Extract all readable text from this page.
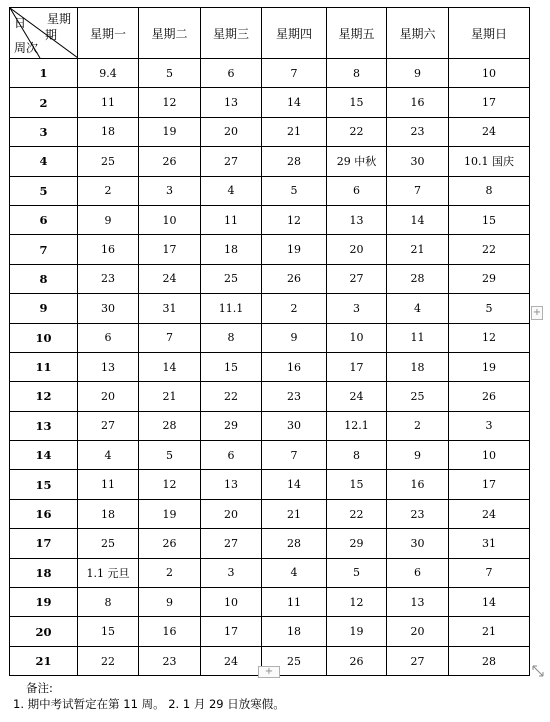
日 星期
期
周次	星期一	星期二	星期三	星期四	星期五	星期六	星期日
1	9.4	5	6	7	8	9	10
2	11	12	13	14	15	16	17
3	18	19	20	21	22	23	24
4	25	26	27	28	29 中秋	30	10.1 国庆
5	2	3	4	5	6	7	8
6	9	10	11	12	13	14	15
7	16	17	18	19	20	21	22
8	23	24	25	26	27	28	29
9	30	31	11.1	2	3	4	5
10	6	7	8	9	10	11	12
11	13	14	15	16	17	18	19
12	20	21	22	23	24	25	26
13	27	28	29	30	12.1	2	3
14	4	5	6	7	8	9	10
15	11	12	13	14	15	16	17
16	18	19	20	21	22	23	24
17	25	26	27	28	29	30	31
18	1.1 元旦	2	3	4	5	6	7
19	8	9	10	11	12	13	14
20	15	16	17	18	19	20	21
21	22	23	24	25	26	27	28
+
+
备注:
1. 期中考试暂定在第 11 周。 2. 1 月 29 日放寒假。
